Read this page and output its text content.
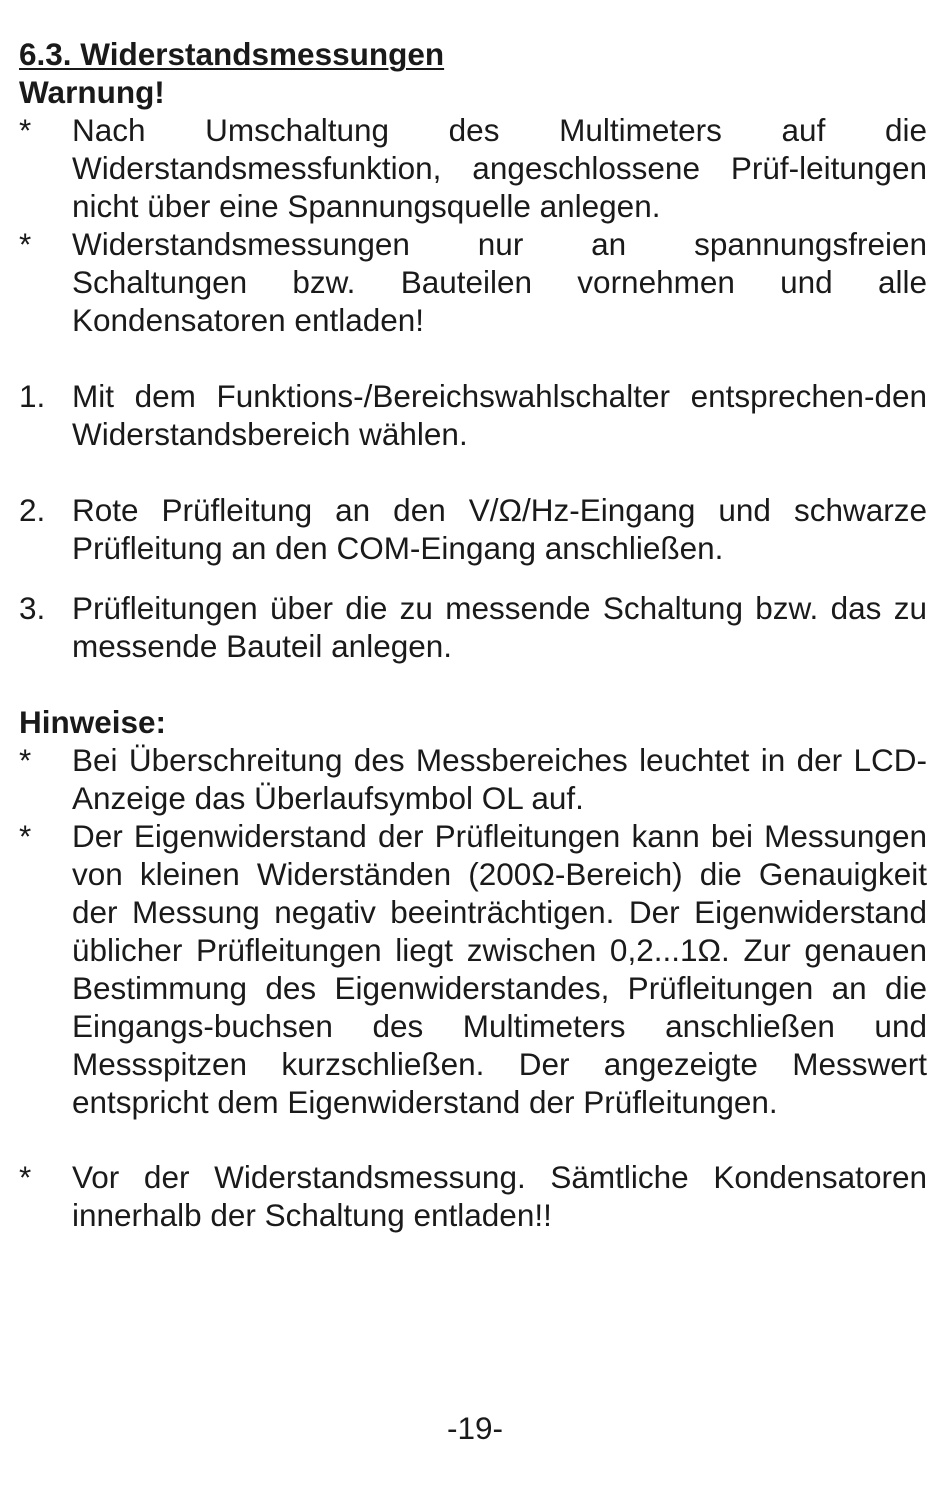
6.3. Widerstandsmessungen
Warnung!
*	Nach Umschaltung des Multimeters auf die Widerstandsmessfunktion, angeschlossene Prüf-leitungen nicht über eine Spannungsquelle anlegen.
*	Widerstandsmessungen nur an spannungsfreien Schaltungen bzw. Bauteilen vornehmen und alle Kondensatoren entladen!
1. Mit dem Funktions-/Bereichswahlschalter entsprechen-den Widerstandsbereich wählen.
2. Rote Prüfleitung an den V/Ω/Hz-Eingang und schwarze Prüfleitung an den COM-Eingang anschließen.
3. Prüfleitungen über die zu messende Schaltung bzw. das zu messende Bauteil anlegen.
Hinweise:
*	Bei Überschreitung des Messbereiches leuchtet in der LCD-Anzeige das Überlaufsymbol OL auf.
*	Der Eigenwiderstand der Prüfleitungen kann bei Messungen von kleinen Widerständen (200Ω-Bereich) die Genauigkeit der Messung negativ beeinträchtigen. Der Eigenwiderstand üblicher Prüfleitungen liegt zwischen 0,2...1Ω. Zur genauen Bestimmung des Eigenwiderstandes, Prüfleitungen an die Eingangs-buchsen des Multimeters anschließen und Messspitzen kurzschließen. Der angezeigte Messwert entspricht dem Eigenwiderstand der Prüfleitungen.
*	Vor der Widerstandsmessung. Sämtliche Kondensatoren innerhalb der Schaltung entladen!!
-19-
